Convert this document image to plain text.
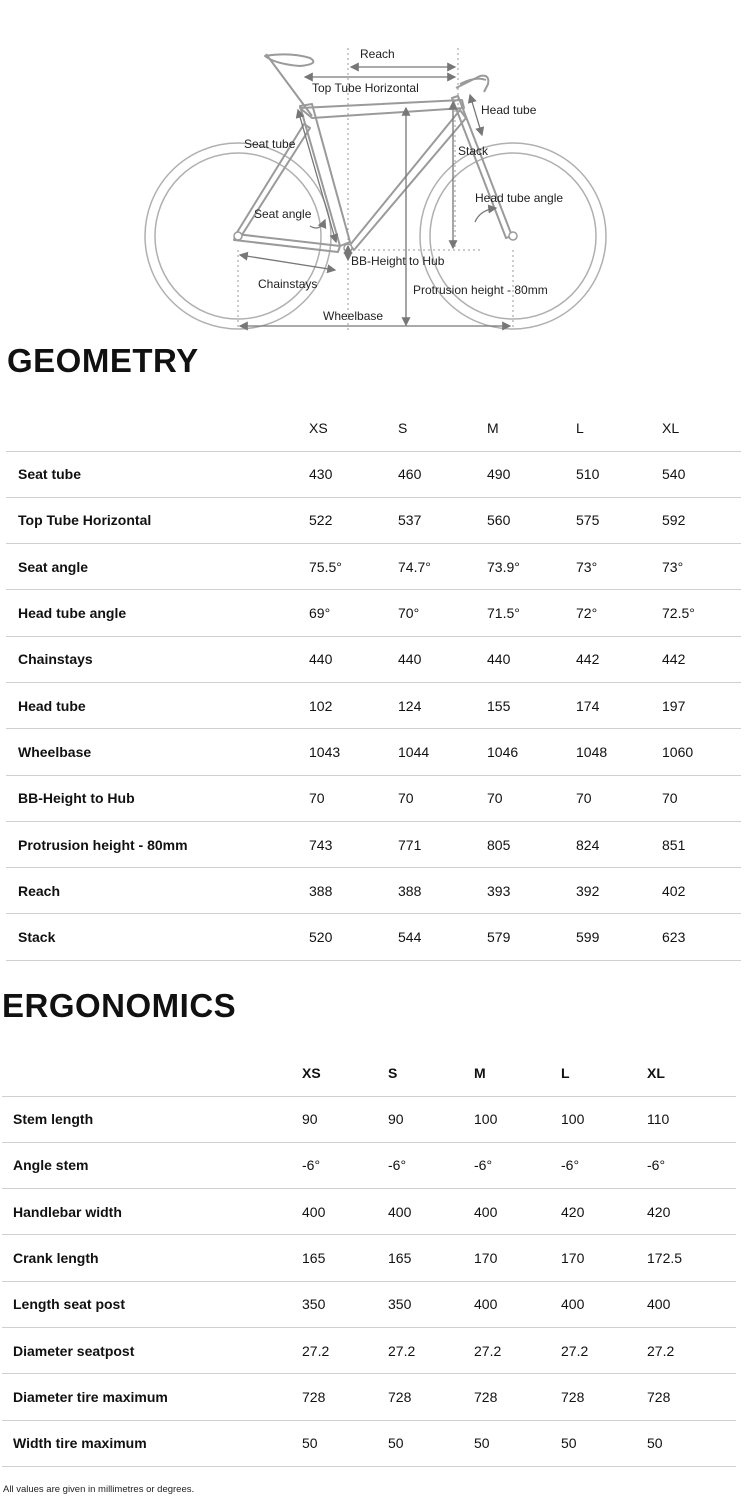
Reach
Top Tube Horizontal
Head tube
Seat tube	Stack
Head tube angle
Seat angle
BB-Height to Hub
Chainstays	Protrusion height - 80mm
Wheelbase
GEOMETRY
	XS	S	M	L	XL
Seat tube	430	460	490	510	540
Top Tube Horizontal	522	537	560	575	592
Seat angle	75.5°	74.7°	73.9°	73°	73°
Head tube angle	69°	70°	71.5°	72°	72.5°
Chainstays	440	440	440	442	442
Head tube	102	124	155	174	197
Wheelbase	1043	1044	1046	1048	1060
BB-Height to Hub	70	70	70	70	70
Protrusion height - 80mm	743	771	805	824	851
Reach	388	388	393	392	402
Stack	520	544	579	599	623
ERGONOMICS
	XS	S	M	L	XL
Stem length	90	90	100	100	110
Angle stem	-6°	-6°	-6°	-6°	-6°
Handlebar width	400	400	400	420	420
Crank length	165	165	170	170	172.5
Length seat post	350	350	400	400	400
Diameter seatpost	27.2	27.2	27.2	27.2	27.2
Diameter tire maximum	728	728	728	728	728
Width tire maximum	50	50	50	50	50
All values are given in millimetres or degrees.
